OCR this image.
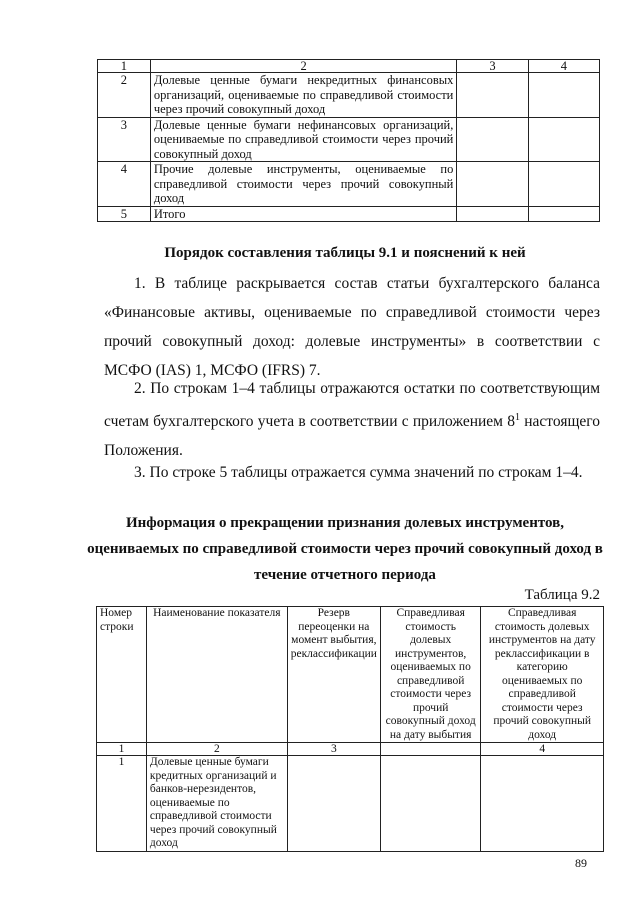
1	2	3	4
2	Долевые ценные бумаги некредитных финансовых организаций, оцениваемые по справедливой стоимости через прочий совокупный доход		
3	Долевые ценные бумаги нефинансовых организаций, оцениваемые по справедливой стоимости через прочий совокупный доход		
4	Прочие долевые инструменты, оцениваемые по справедливой стоимости через прочий совокупный доход		
5	Итого		
Порядок составления таблицы 9.1 и пояснений к ней
1. В таблице раскрывается состав статьи бухгалтерского баланса «Финансовые активы, оцениваемые по справедливой стоимости через прочий совокупный доход: долевые инструменты» в соответствии с МСФО (IAS) 1, МСФО (IFRS) 7.
2. По строкам 1–4 таблицы отражаются остатки по соответствующим счетам бухгалтерского учета в соответствии с приложением $8^1$ настоящего Положения.
3. По строке 5 таблицы отражается сумма значений по строкам 1–4.
Информация о прекращении признания долевых инструментов, оцениваемых по справедливой стоимости через прочий совокупный доход в течение отчетного периода
Таблица 9.2
Номер строки	Наименование показателя	Резерв переоценки на момент выбытия, реклассификации	Справедливая стоимость долевых инструментов, оцениваемых по справедливой стоимости через прочий совокупный доход на дату выбытия	Справедливая стоимость долевых инструментов на дату реклассификации в категорию оцениваемых по справедливой стоимости через прочий совокупный доход
1	2	3		4
1	Долевые ценные бумаги кредитных организаций и банков-нерезидентов, оцениваемые по справедливой стоимости через прочий совокупный доход			
89
